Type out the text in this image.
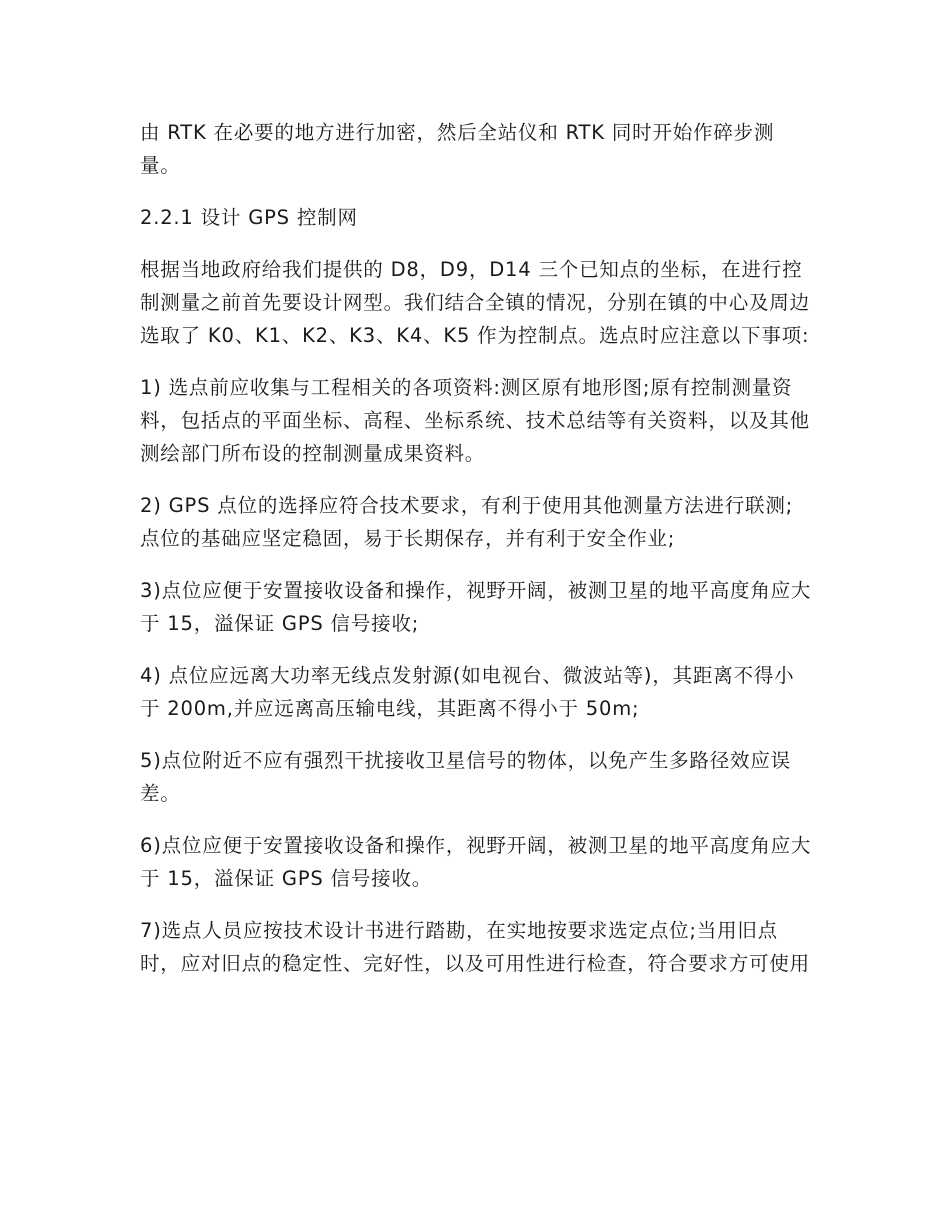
由 RTK 在必要的地方进行加密，然后全站仪和 RTK 同时开始作碎步测量。

2.2.1 设计 GPS 控制网

根据当地政府给我们提供的 D8，D9，D14 三个已知点的坐标，在进行控制测量之前首先要设计网型。我们结合全镇的情况，分别在镇的中心及周边选取了 K0、K1、K2、K3、K4、K5 作为控制点。选点时应注意以下事项:

1) 选点前应收集与工程相关的各项资料:测区原有地形图;原有控制测量资料，包括点的平面坐标、高程、坐标系统、技术总结等有关资料，以及其他测绘部门所布设的控制测量成果资料。

2) GPS 点位的选择应符合技术要求，有利于使用其他测量方法进行联测;点位的基础应坚定稳固，易于长期保存，并有利于安全作业;

3)点位应便于安置接收设备和操作，视野开阔，被测卫星的地平高度角应大于 15，溢保证 GPS 信号接收;

4) 点位应远离大功率无线点发射源(如电视台、微波站等)，其距离不得小于 200m,并应远离高压输电线，其距离不得小于 50m;

5)点位附近不应有强烈干扰接收卫星信号的物体，以免产生多路径效应误差。

6)点位应便于安置接收设备和操作，视野开阔，被测卫星的地平高度角应大于 15，溢保证 GPS 信号接收。

7)选点人员应按技术设计书进行踏勘，在实地按要求选定点位;当用旧点时，应对旧点的稳定性、完好性，以及可用性进行检查，符合要求方可使用
